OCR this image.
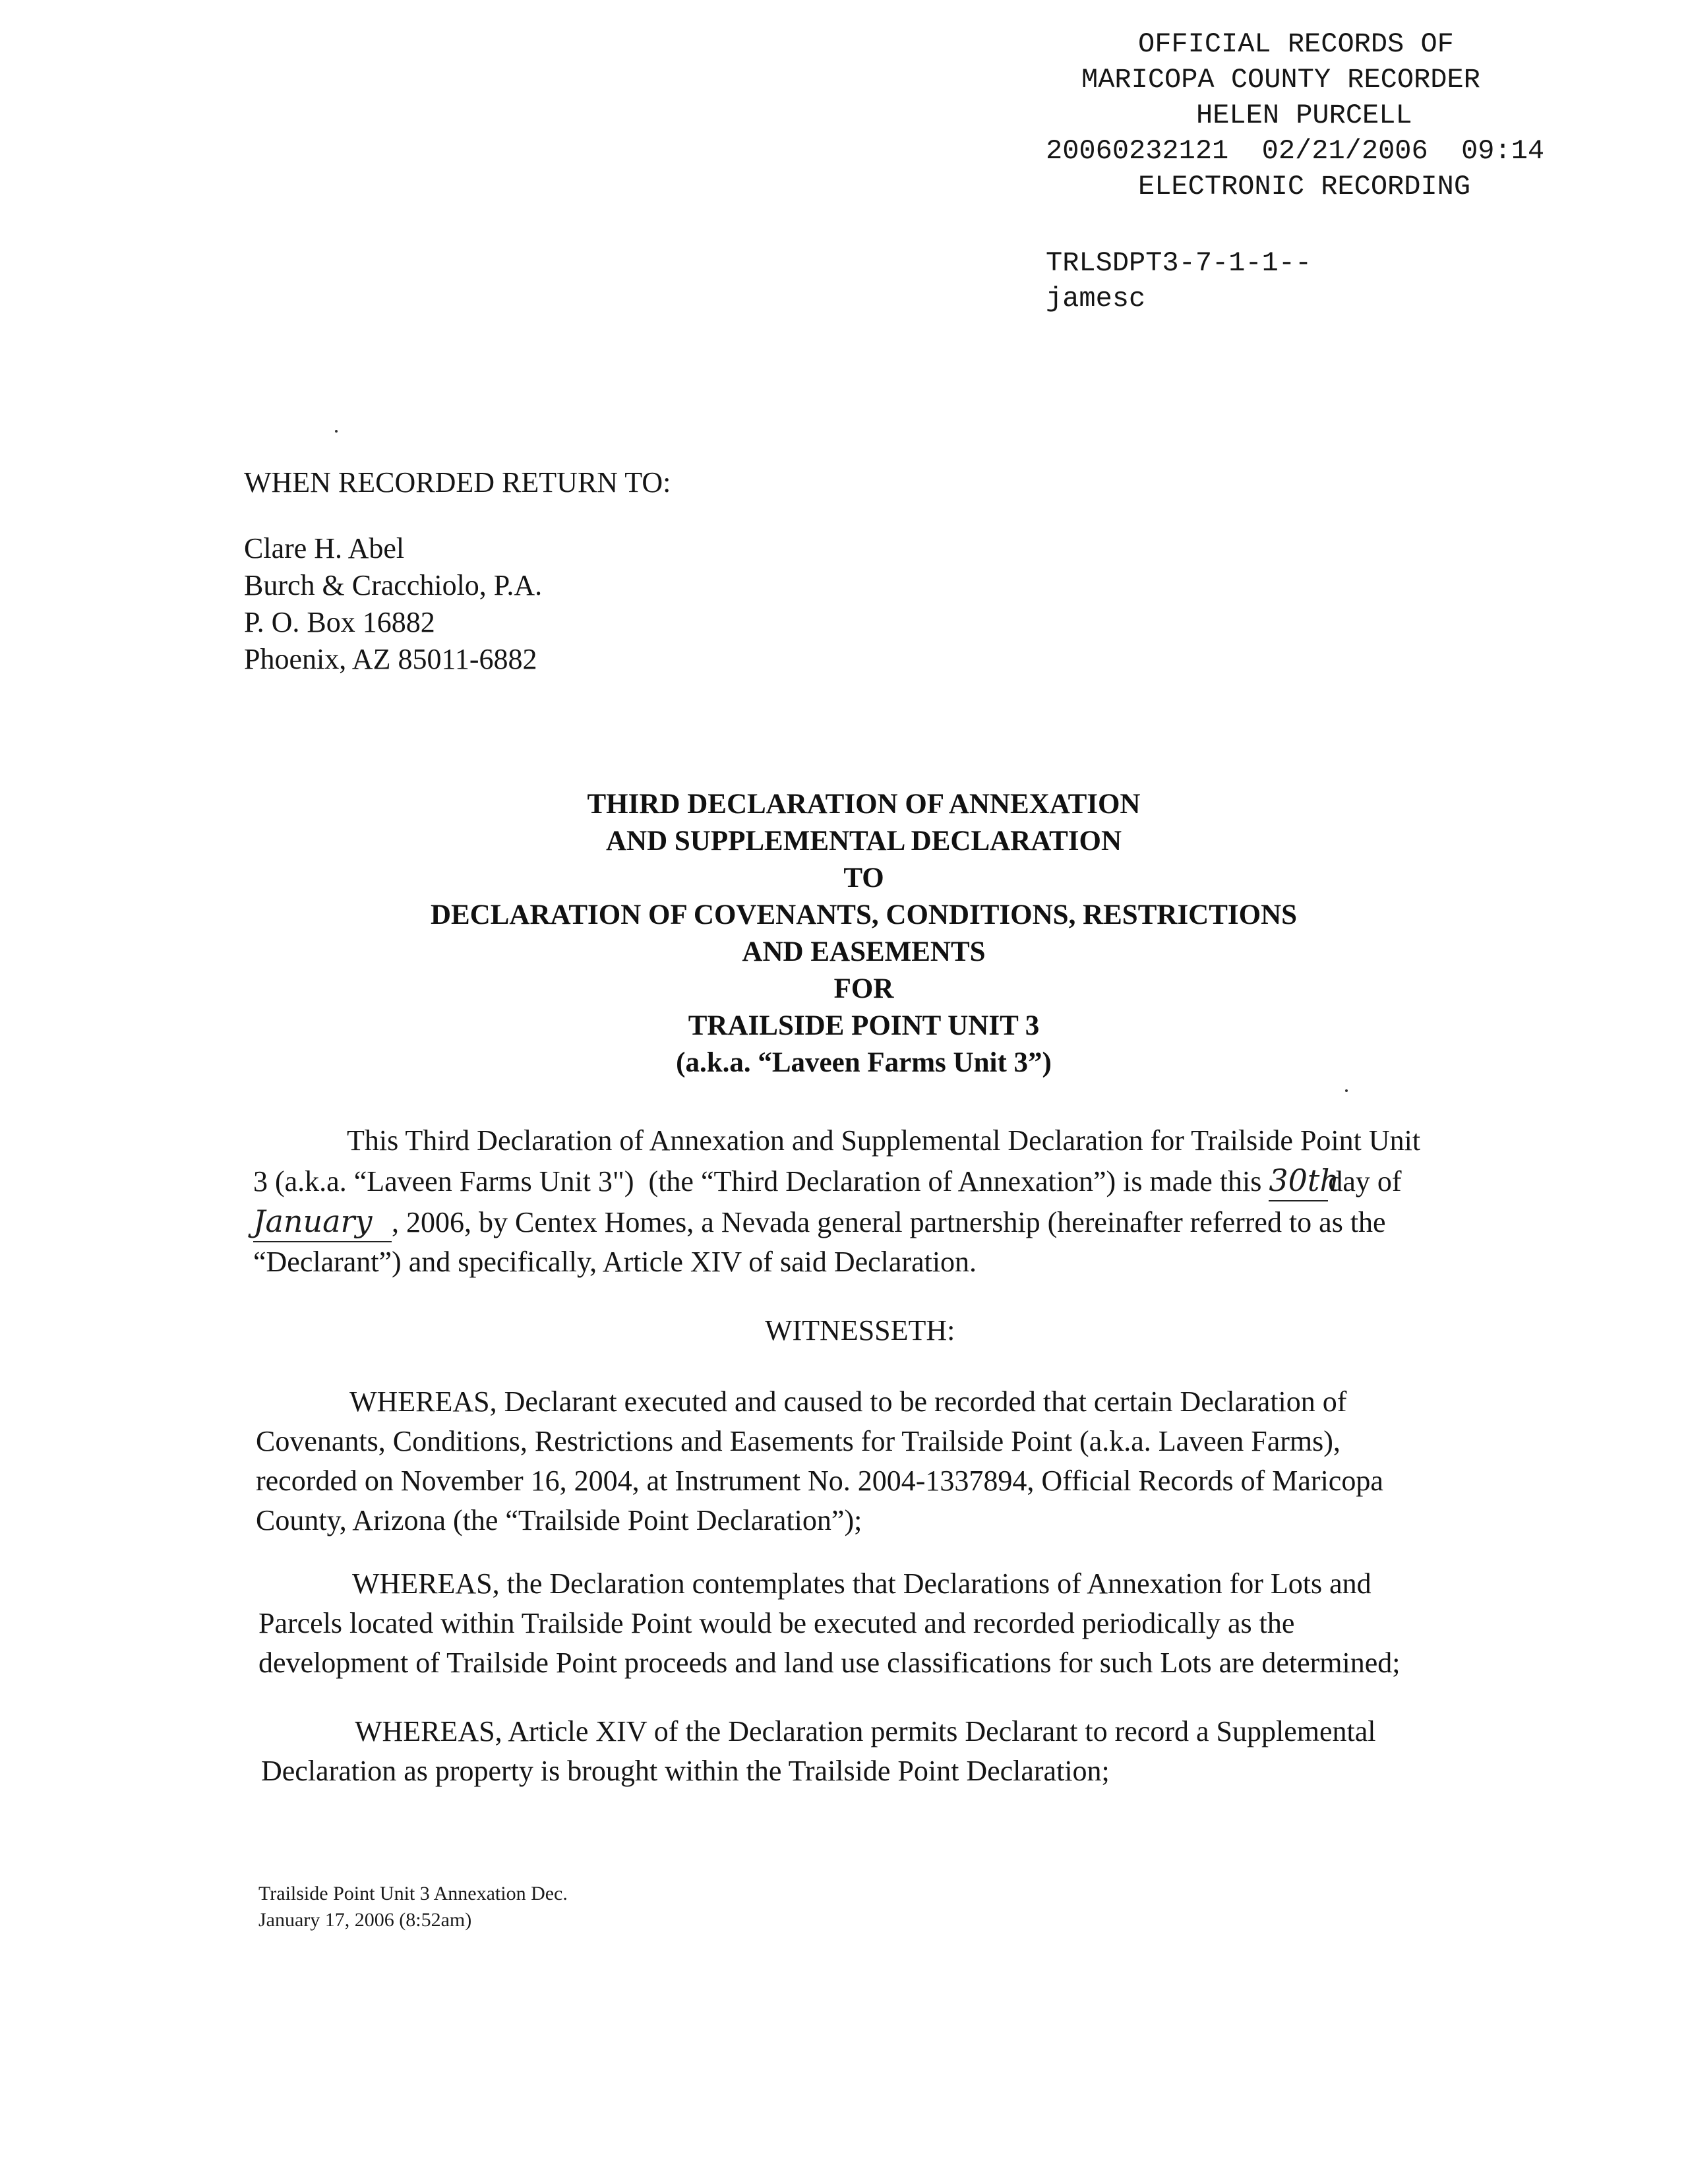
OFFICIAL RECORDS OF

MARICOPA COUNTY RECORDER

HELEN PURCELL

20060232121  02/21/2006  09:14

ELECTRONIC RECORDING

TRLSDPT3-7-1-1--

jamesc

WHEN RECORDED RETURN TO:
Clare H. Abel
Burch & Cracchiolo, P.A.
P. O. Box 16882
Phoenix, AZ 85011-6882
THIRD DECLARATION OF ANNEXATION
AND SUPPLEMENTAL DECLARATION
TO
DECLARATION OF COVENANTS, CONDITIONS, RESTRICTIONS
AND EASEMENTS
FOR
TRAILSIDE POINT UNIT 3
(a.k.a. “Laveen Farms Unit 3”)
This Third Declaration of Annexation and Supplemental Declaration for Trailside Point Unit
3 (a.k.a. “Laveen Farms Unit 3")  (the “Third Declaration of Annexation”) is made this 30thday of
January , 2006, by Centex Homes, a Nevada general partnership (hereinafter referred to as the
“Declarant”) and specifically, Article XIV of said Declaration.
WITNESSETH:
WHEREAS, Declarant executed and caused to be recorded that certain Declaration of
Covenants, Conditions, Restrictions and Easements for Trailside Point (a.k.a. Laveen Farms),
recorded on November 16, 2004, at Instrument No. 2004-1337894, Official Records of Maricopa
County, Arizona (the “Trailside Point Declaration”);
WHEREAS, the Declaration contemplates that Declarations of Annexation for Lots and
Parcels located within Trailside Point would be executed and recorded periodically as the
development of Trailside Point proceeds and land use classifications for such Lots are determined;
WHEREAS, Article XIV of the Declaration permits Declarant to record a Supplemental
Declaration as property is brought within the Trailside Point Declaration;
Trailside Point Unit 3 Annexation Dec.
January 17, 2006 (8:52am)
